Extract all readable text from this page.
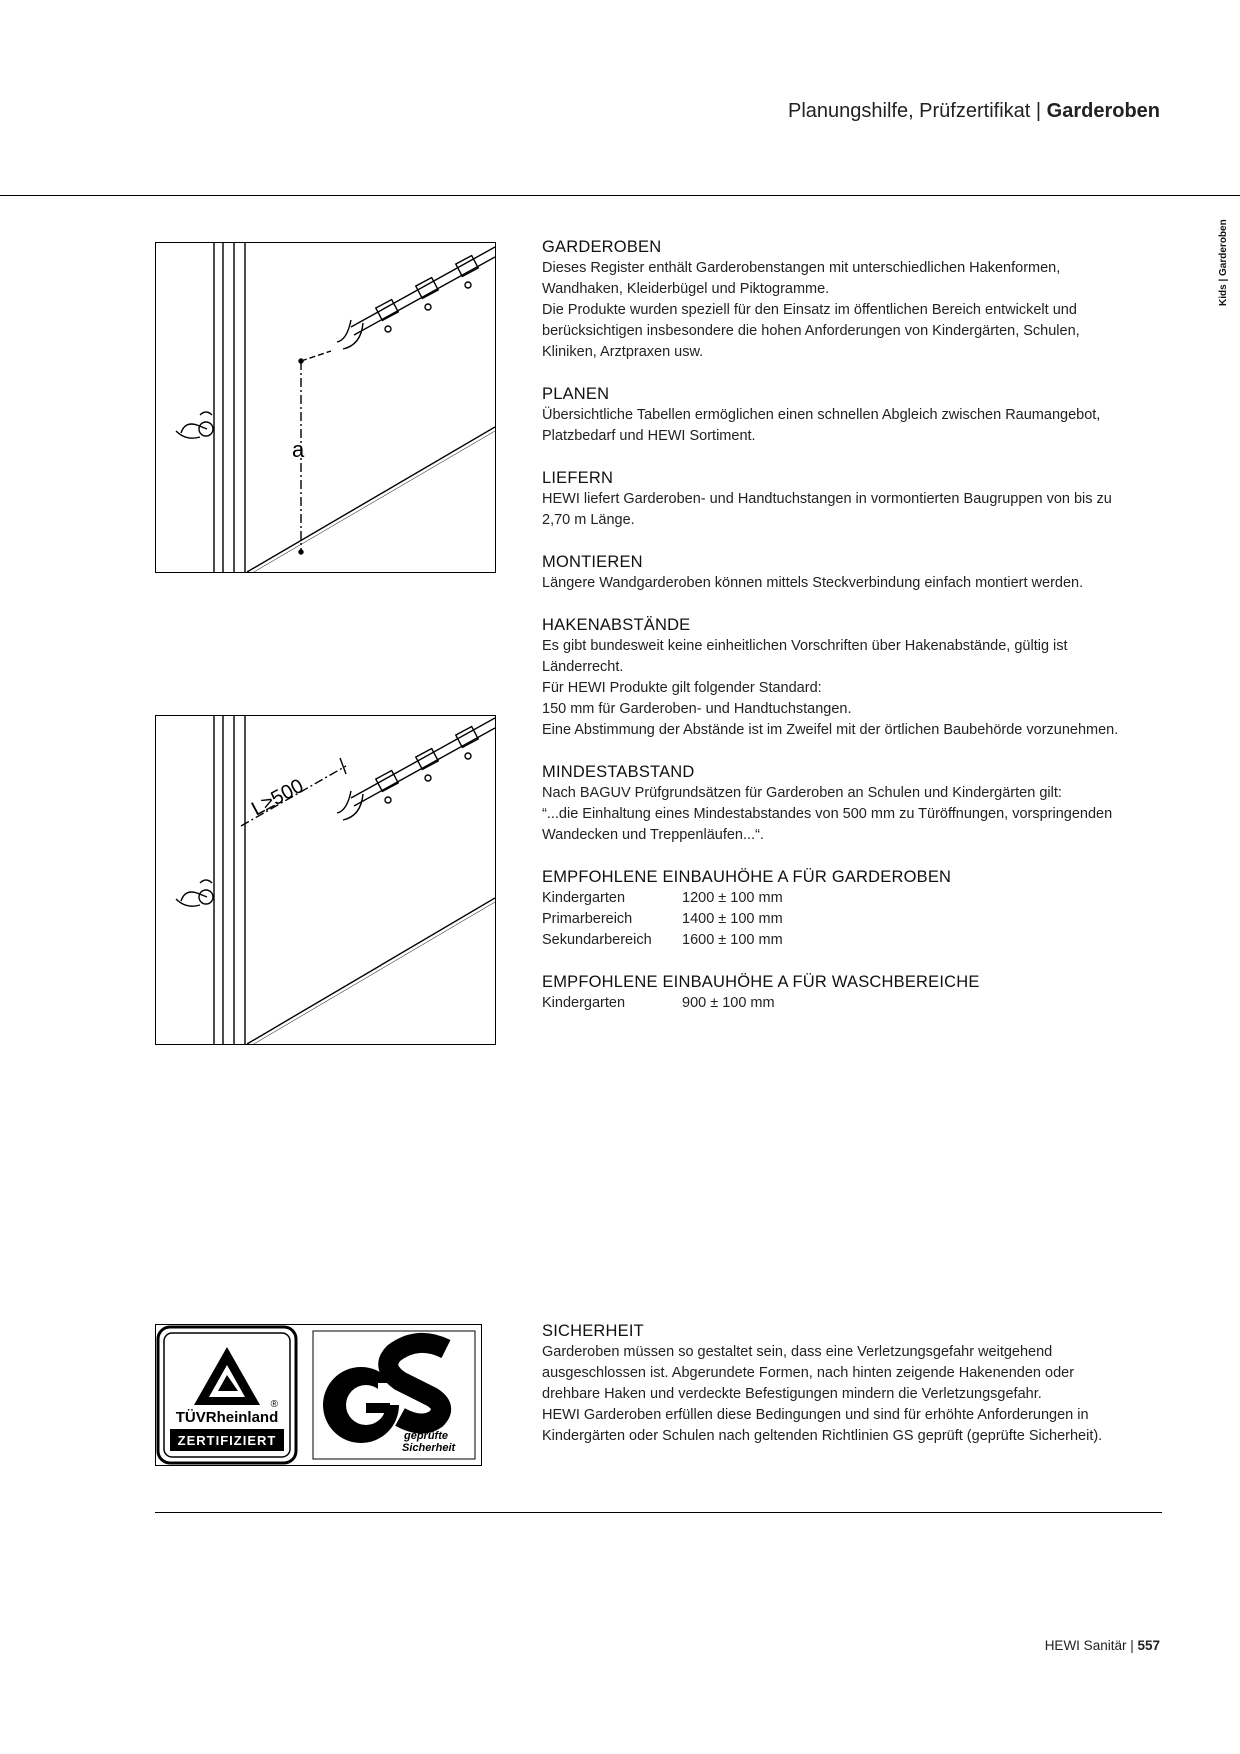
Planungshilfe, Prüfzertifikat | Garderoben
Kids | Garderoben
a
L≥500
®
TÜVRheinland
ZERTIFIZIERT	geprüfte
Sicherheit
GARDEROBEN

Dieses Register enthält Garderobenstangen mit unterschiedlichen Hakenformen, Wandhaken, Kleiderbügel und Piktogramme.

Die Produkte wurden speziell für den Einsatz im öffentlichen Bereich entwickelt und berücksichtigen insbesondere die hohen Anforderungen von Kindergärten, Schulen, Kliniken, Arztpraxen usw.

PLANEN

Übersichtliche Tabellen ermöglichen einen schnellen Abgleich zwischen Raumangebot, Platzbedarf und HEWI Sortiment.

LIEFERN

HEWI liefert Garderoben- und Handtuchstangen in vormontierten Baugruppen von bis zu 2,70 m Länge.

MONTIEREN

Längere Wandgarderoben können mittels Steckverbindung einfach montiert werden.

HAKENABSTÄNDE

Es gibt bundesweit keine einheitlichen Vorschriften über Hakenabstände, gültig ist Länderrecht.

Für HEWI Produkte gilt folgender Standard:

150 mm für Garderoben- und Handtuchstangen.

Eine Abstimmung der Abstände ist im Zweifel mit der örtlichen Baubehörde vorzunehmen.

MINDESTABSTAND

Nach BAGUV Prüfgrundsätzen für Garderoben an Schulen und Kindergärten gilt:

“...die Einhaltung eines Mindestabstandes von 500 mm zu Türöffnungen, vorspringenden Wandecken und Treppenläufen...“.

EMPFOHLENE EINBAUHÖHE A FÜR GARDEROBEN
Kindergarten	1200 ± 100 mm
Primarbereich	1400 ± 100 mm
Sekundarbereich	1600 ± 100 mm
EMPFOHLENE EINBAUHÖHE A FÜR WASCHBEREICHE
Kindergarten	900 ± 100 mm
SICHERHEIT

Garderoben müssen so gestaltet sein, dass eine Verletzungsgefahr weitgehend ausgeschlossen ist. Abgerundete Formen, nach hinten zeigende Hakenenden oder drehbare Haken und verdeckte Befestigungen mindern die Verletzungsgefahr.

HEWI Garderoben erfüllen diese Bedingungen und sind für erhöhte Anforderungen in Kindergärten oder Schulen nach geltenden Richtlinien GS geprüft (geprüfte Sicherheit).

HEWI Sanitär | 557
